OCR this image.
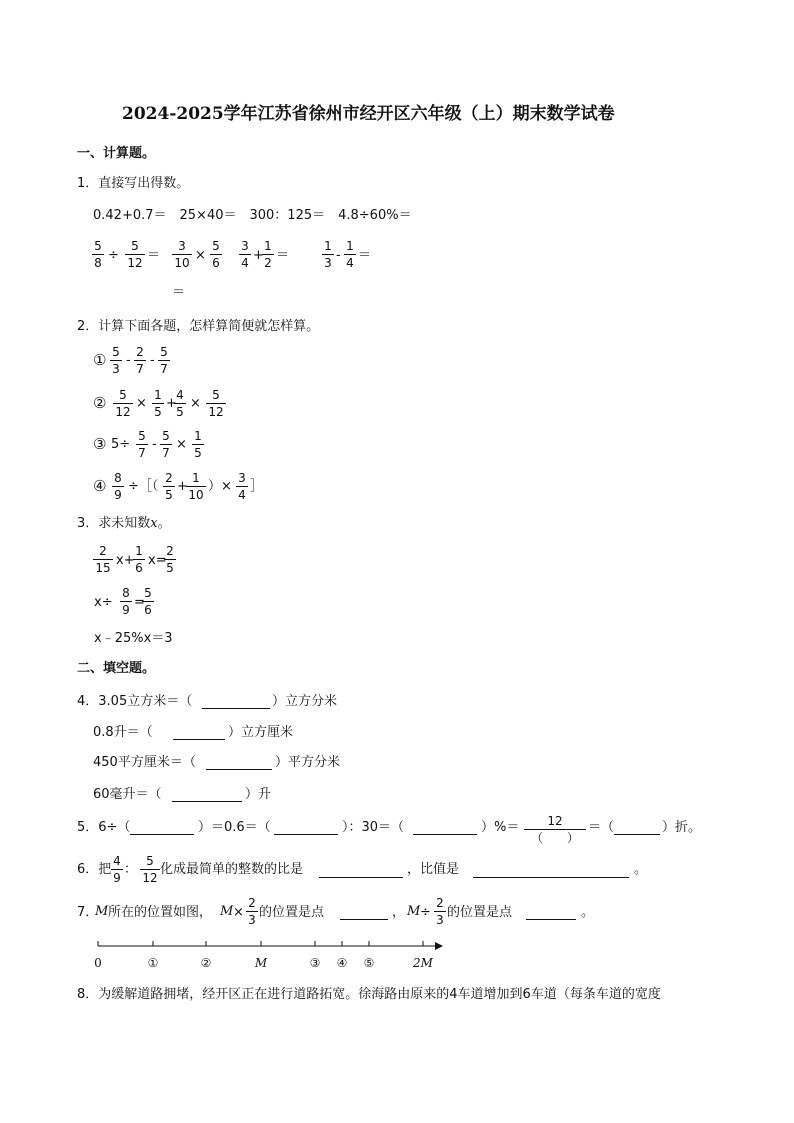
2024-2025学年江苏省徐州市经开区六年级（上）期末数学试卷
一、计算题。
1．直接写出得数。
0.42+0.7＝　25×40＝　300：125＝　4.8÷60%＝
$\frac{5}{8} \div \frac{5}{12} = \frac{3}{10} \times \frac{5}{6}$
＝
$\frac{3}{4}$ +
$\frac{1}{2}$ ＝	$\frac{1}{3} - \frac{1}{4}$ ＝
2．计算下面各题，怎样算简便就怎样算。
① $\frac{5}{3} - \frac{2}{7} - \frac{5}{7}$
② $\frac{5}{12} \times \frac{1}{5}$ +
$\frac{4}{5} \times \frac{5}{12}$
③ $5\div \frac{5}{7} - \frac{5}{7} \times \frac{1}{5}$
④ $\frac{8}{9}$ ÷［（ $\frac{2}{5}$ +
$\frac{1}{10}$ ）× $\frac{3}{4}$ ］
3．求未知数x。
$\frac{2}{15} x+$
$\frac{1}{6} x=$
$\frac{2}{5}$
$x\div \frac{8}{9}$ =
$\frac{5}{6}$
x﹣25%x＝3
二、填空题。
4．3.05立方米＝（	）立方分米
0.8升＝（	）立方厘米
450平方厘米＝（	）平方分米
60毫升＝（	）升
5．6÷（	）＝0.6＝（	）：30＝（	）%＝	12
（　　）
＝（	）折。
6．把 $\frac{4}{9}$ ： $\frac{5}{12}$ 化成最简单的整数的比是	，比值是	。
7．
M 所在的位置如图， $M \times \frac{2}{3}$ 的位置是点	， $M \div \frac{2}{3}$ 的位置是点	。
0	①	②	M	③ ④ ⑤	2M
8．为缓解道路拥堵，经开区正在进行道路拓宽。徐海路由原来的4车道增加到6车道（每条车道的宽度
